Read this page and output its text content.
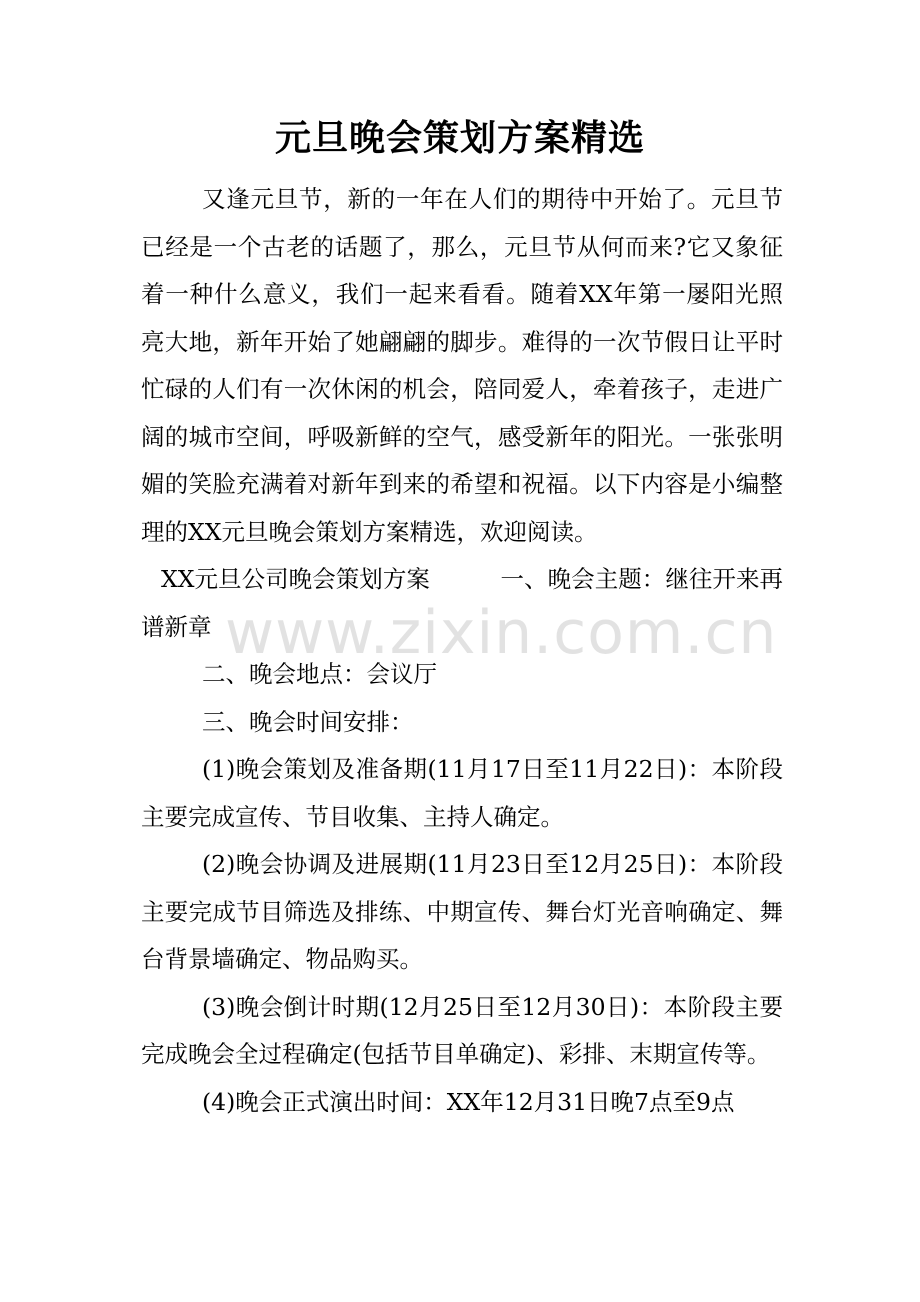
元旦晚会策划方案精选

又逢元旦节，新的一年在人们的期待中开始了。元旦节已经是一个古老的话题了，那么，元旦节从何而来?它又象征着一种什么意义，我们一起来看看。随着XX年第一屡阳光照亮大地，新年开始了她翩翩的脚步。难得的一次节假日让平时忙碌的人们有一次休闲的机会，陪同爱人，牵着孩子，走进广阔的城市空间，呼吸新鲜的空气，感受新年的阳光。一张张明媚的笑脸充满着对新年到来的希望和祝福。以下内容是小编整理的XX元旦晚会策划方案精选，欢迎阅读。

XX元旦公司晚会策划方案　　　一、晚会主题：继往开来再谱新章

二、晚会地点：会议厅

三、晚会时间安排：

(1)晚会策划及准备期(11月17日至11月22日)：本阶段主要完成宣传、节目收集、主持人确定。

(2)晚会协调及进展期(11月23日至12月25日)：本阶段主要完成节目筛选及排练、中期宣传、舞台灯光音响确定、舞台背景墙确定、物品购买。

(3)晚会倒计时期(12月25日至12月30日)：本阶段主要完成晚会全过程确定(包括节目单确定)、彩排、末期宣传等。

(4)晚会正式演出时间：XX年12月31日晚7点至9点

www.zixin.com.cn
